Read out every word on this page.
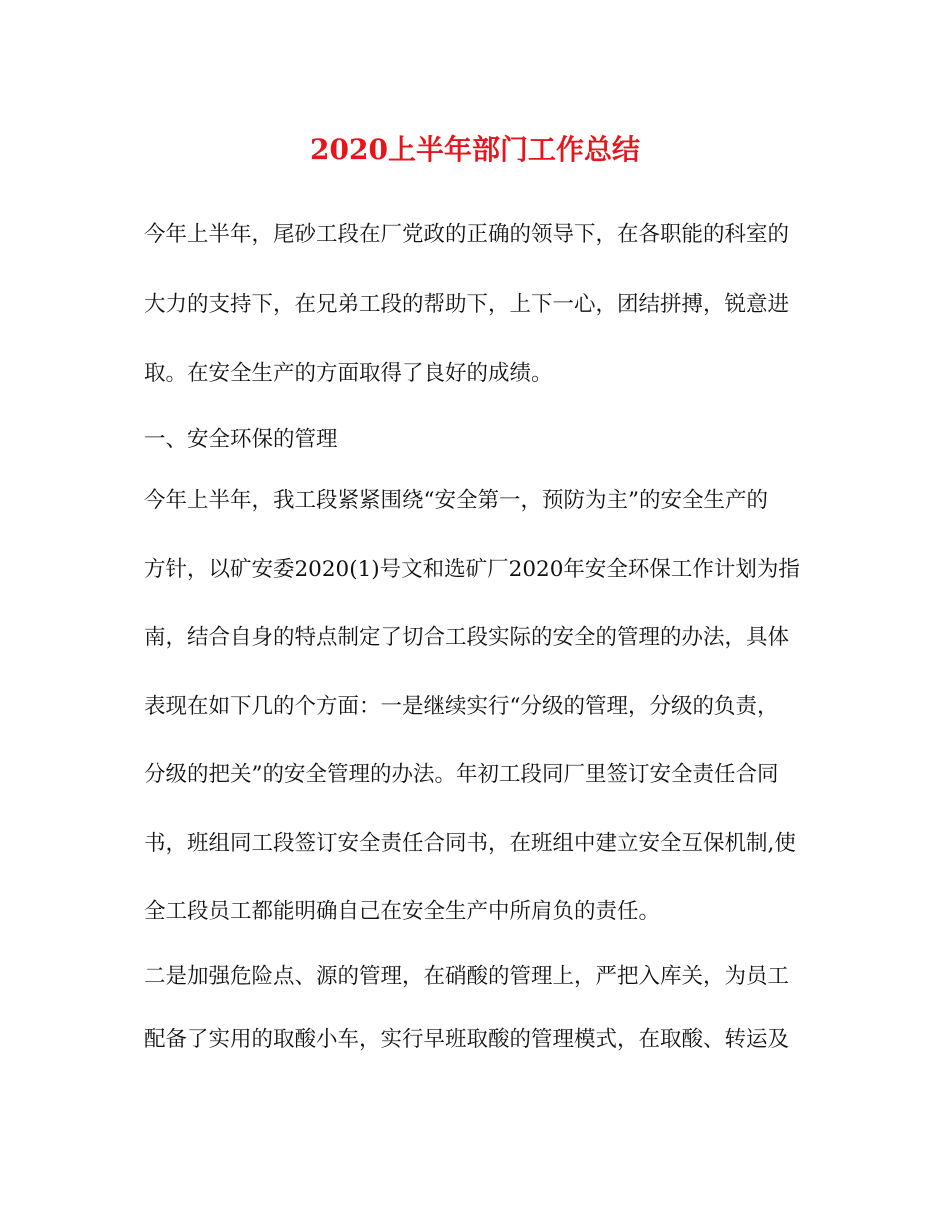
2020上半年部门工作总结

今年上半年，尾砂工段在厂党政的正确的领导下，在各职能的科室的

大力的支持下，在兄弟工段的帮助下，上下一心，团结拼搏，锐意进

取。在安全生产的方面取得了良好的成绩。

一、安全环保的管理

今年上半年，我工段紧紧围绕“安全第一，预防为主”的安全生产的

方针，以矿安委2020(1)号文和选矿厂2020年安全环保工作计划为指

南，结合自身的特点制定了切合工段实际的安全的管理的办法，具体

表现在如下几的个方面：一是继续实行“分级的管理，分级的负责，

分级的把关”的安全管理的办法。年初工段同厂里签订安全责任合同

书，班组同工段签订安全责任合同书，在班组中建立安全互保机制,使

全工段员工都能明确自己在安全生产中所肩负的责任。

二是加强危险点、源的管理，在硝酸的管理上，严把入库关，为员工

配备了实用的取酸小车，实行早班取酸的管理模式，在取酸、转运及
